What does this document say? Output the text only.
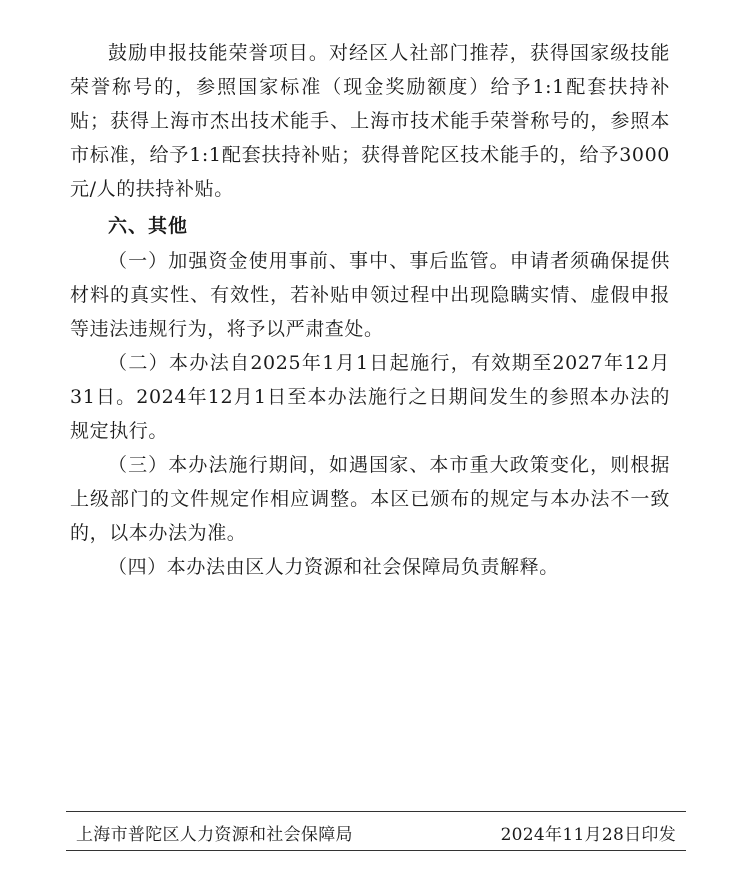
鼓励申报技能荣誉项目。对经区人社部门推荐，获得国家级技能荣誉称号的，参照国家标准（现金奖励额度）给予1:1配套扶持补贴；获得上海市杰出技术能手、上海市技术能手荣誉称号的，参照本市标准，给予1:1配套扶持补贴；获得普陀区技术能手的，给予3000元/人的扶持补贴。

六、其他

（一）加强资金使用事前、事中、事后监管。申请者须确保提供材料的真实性、有效性，若补贴申领过程中出现隐瞒实情、虚假申报等违法违规行为，将予以严肃查处。

（二）本办法自2025年1月1日起施行，有效期至2027年12月31日。2024年12月1日至本办法施行之日期间发生的参照本办法的规定执行。

（三）本办法施行期间，如遇国家、本市重大政策变化，则根据上级部门的文件规定作相应调整。本区已颁布的规定与本办法不一致的，以本办法为准。

（四）本办法由区人力资源和社会保障局负责解释。

上海市普陀区人力资源和社会保障局	2024年11月28日印发
